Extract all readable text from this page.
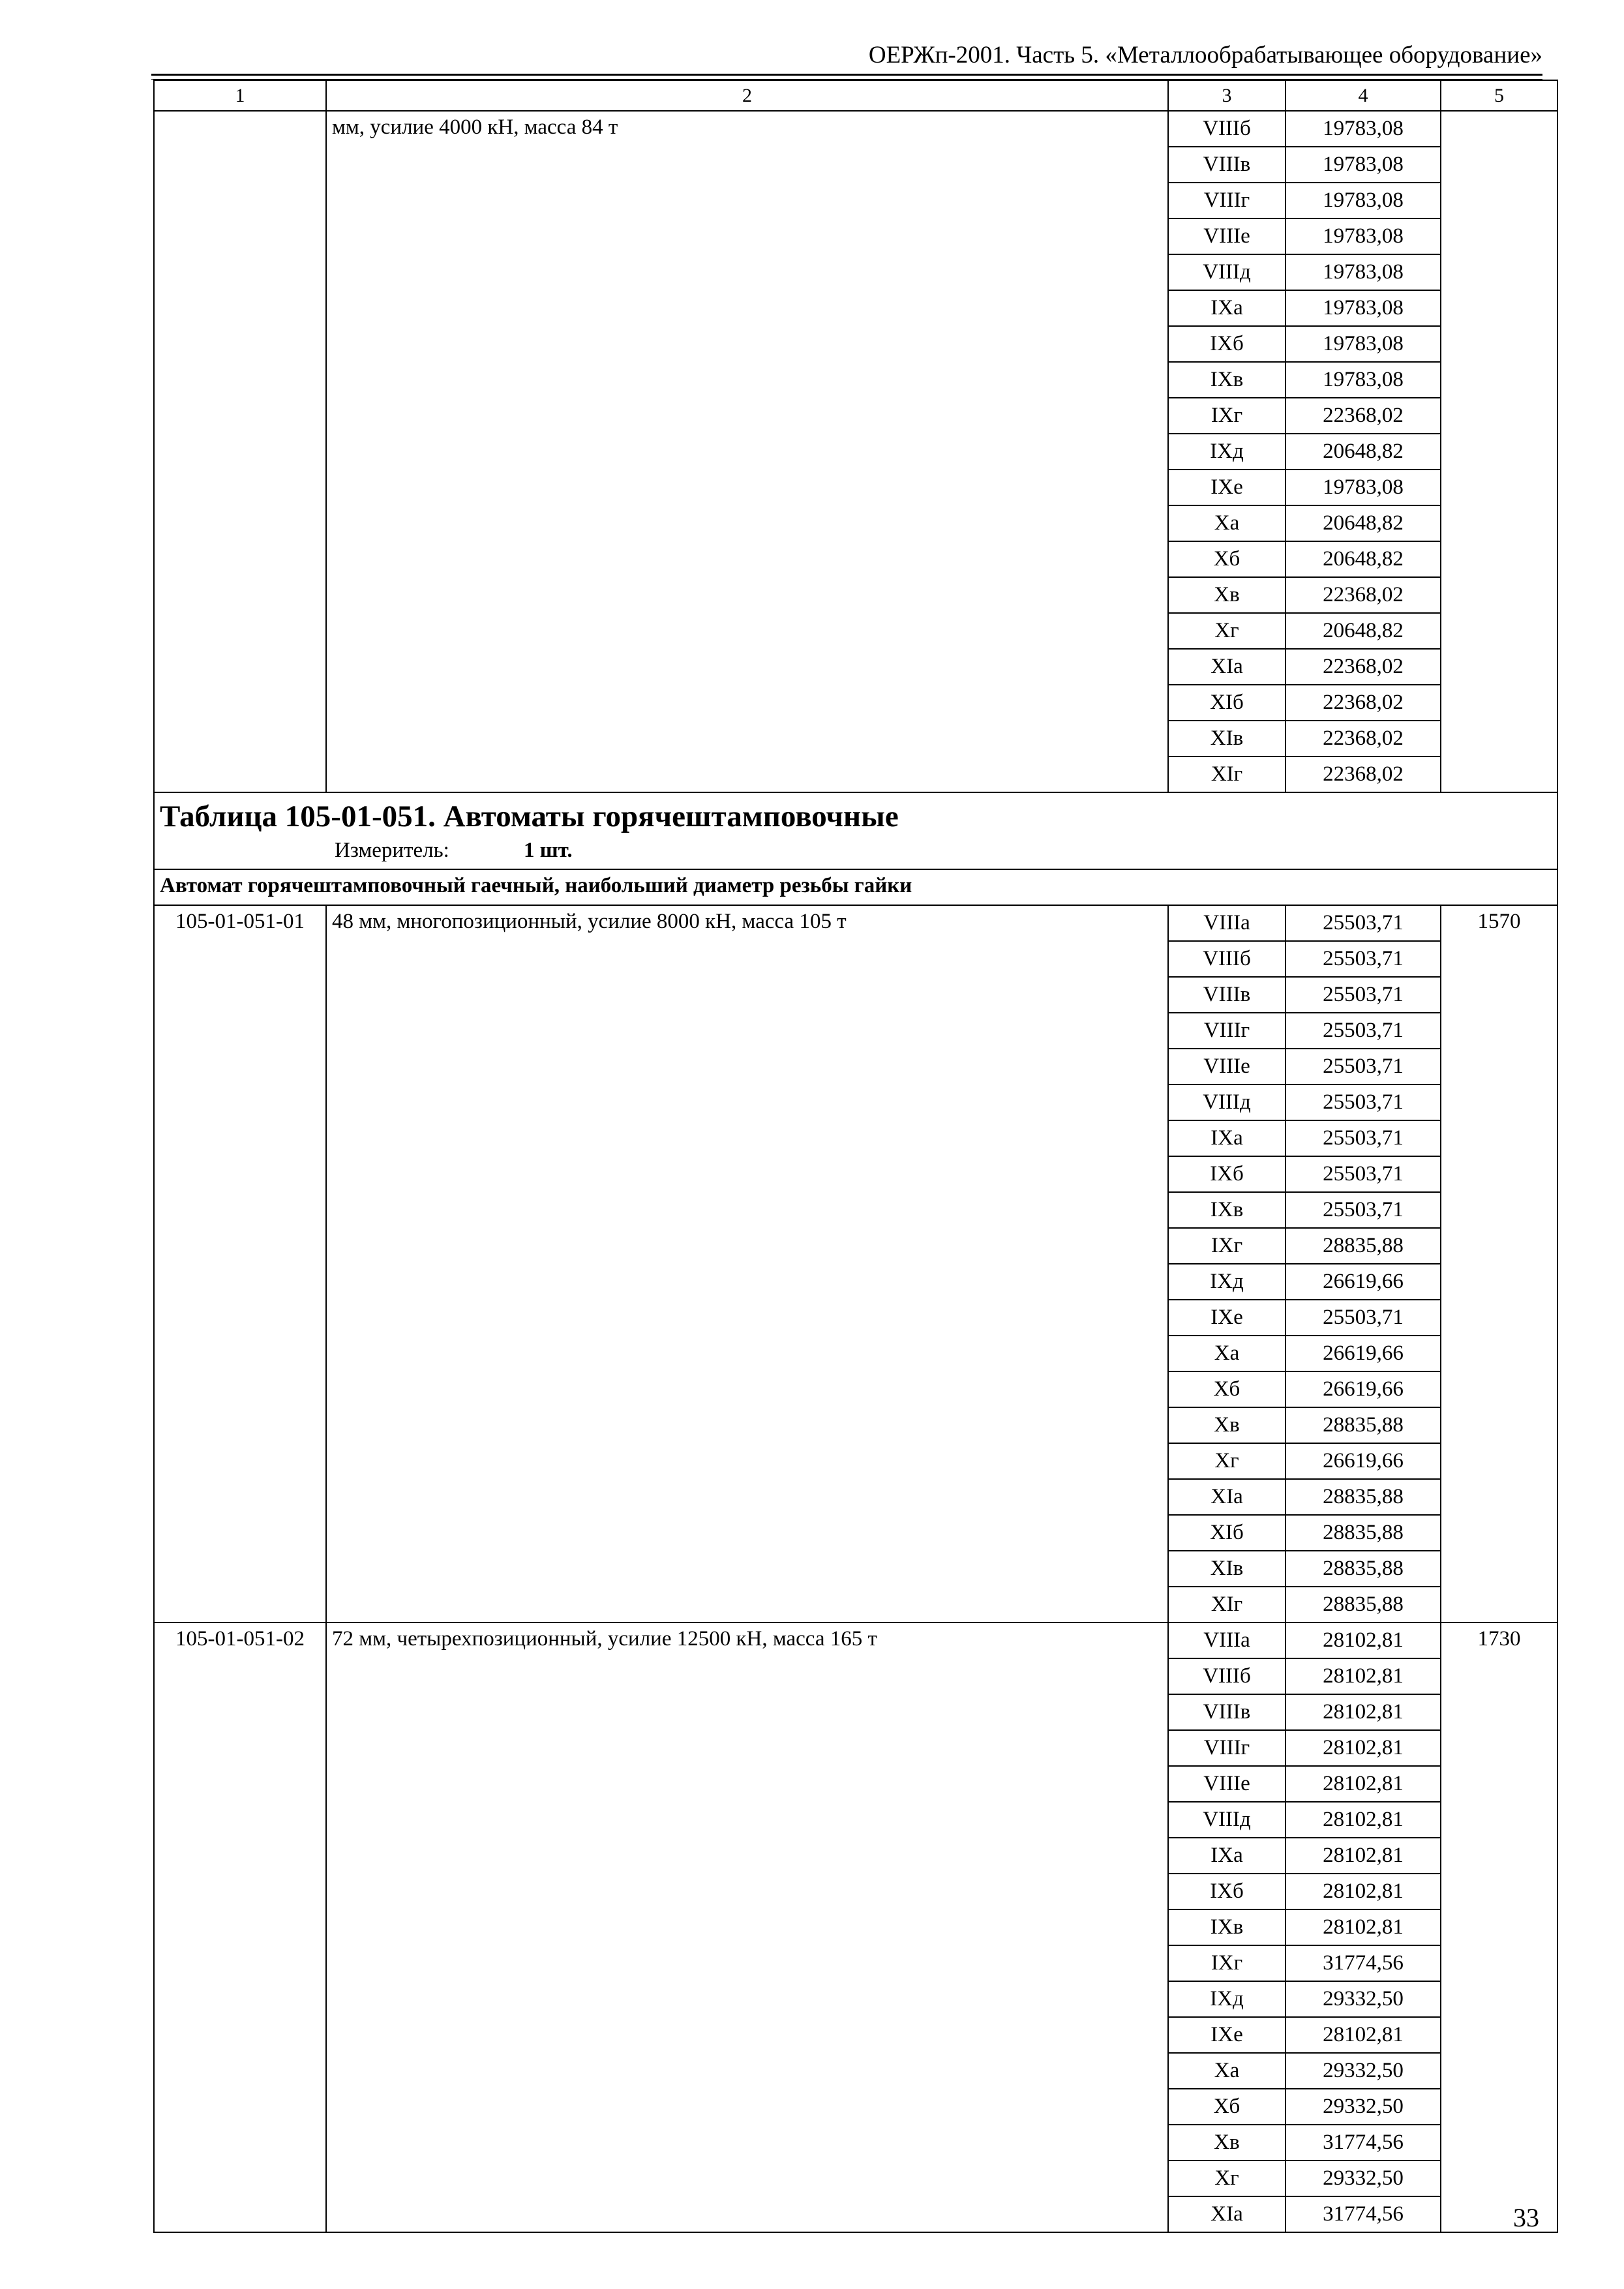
ОЕРЖп-2001. Часть 5. «Металлообрабатывающее оборудование»
1	2	3	4	5
	мм, усилие 4000 кН, масса 84 т	VIIIб	19783,08	
		VIIIв	19783,08	
		VIIIг	19783,08	
		VIIIе	19783,08	
		VIIIд	19783,08	
		IXа	19783,08	
		IXб	19783,08	
		IXв	19783,08	
		IXг	22368,02	
		IXд	20648,82	
		IXе	19783,08	
		Xа	20648,82	
		Xб	20648,82	
		Xв	22368,02	
		Xг	20648,82	
		XIа	22368,02	
		XIб	22368,02	
		XIв	22368,02	
		XIг	22368,02	

Таблица 105-01-051. Автоматы горячештамповочные
Измеритель: 1 шт.				

Автомат горячештамповочный гаечный, наибольший диаметр резьбы гайки				
105-01-051-01	48 мм, многопозиционный, усилие 8000 кН, масса 105 т	VIIIа	25503,71	1570
		VIIIб	25503,71	
		VIIIв	25503,71	
		VIIIг	25503,71	
		VIIIе	25503,71	
		VIIIд	25503,71	
		IXа	25503,71	
		IXб	25503,71	
		IXв	25503,71	
		IXг	28835,88	
		IXд	26619,66	
		IXе	25503,71	
		Xа	26619,66	
		Xб	26619,66	
		Xв	28835,88	
		Xг	26619,66	
		XIа	28835,88	
		XIб	28835,88	
		XIв	28835,88	
		XIг	28835,88	
105-01-051-02	72 мм, четырехпозиционный, усилие 12500 кН, масса 165 т	VIIIа	28102,81	1730
		VIIIб	28102,81	
		VIIIв	28102,81	
		VIIIг	28102,81	
		VIIIе	28102,81	
		VIIIд	28102,81	
		IXа	28102,81	
		IXб	28102,81	
		IXв	28102,81	
		IXг	31774,56	
		IXд	29332,50	
		IXе	28102,81	
		Xа	29332,50	
		Xб	29332,50	
		Xв	31774,56	
		Xг	29332,50	
		XIа	31774,56		33
